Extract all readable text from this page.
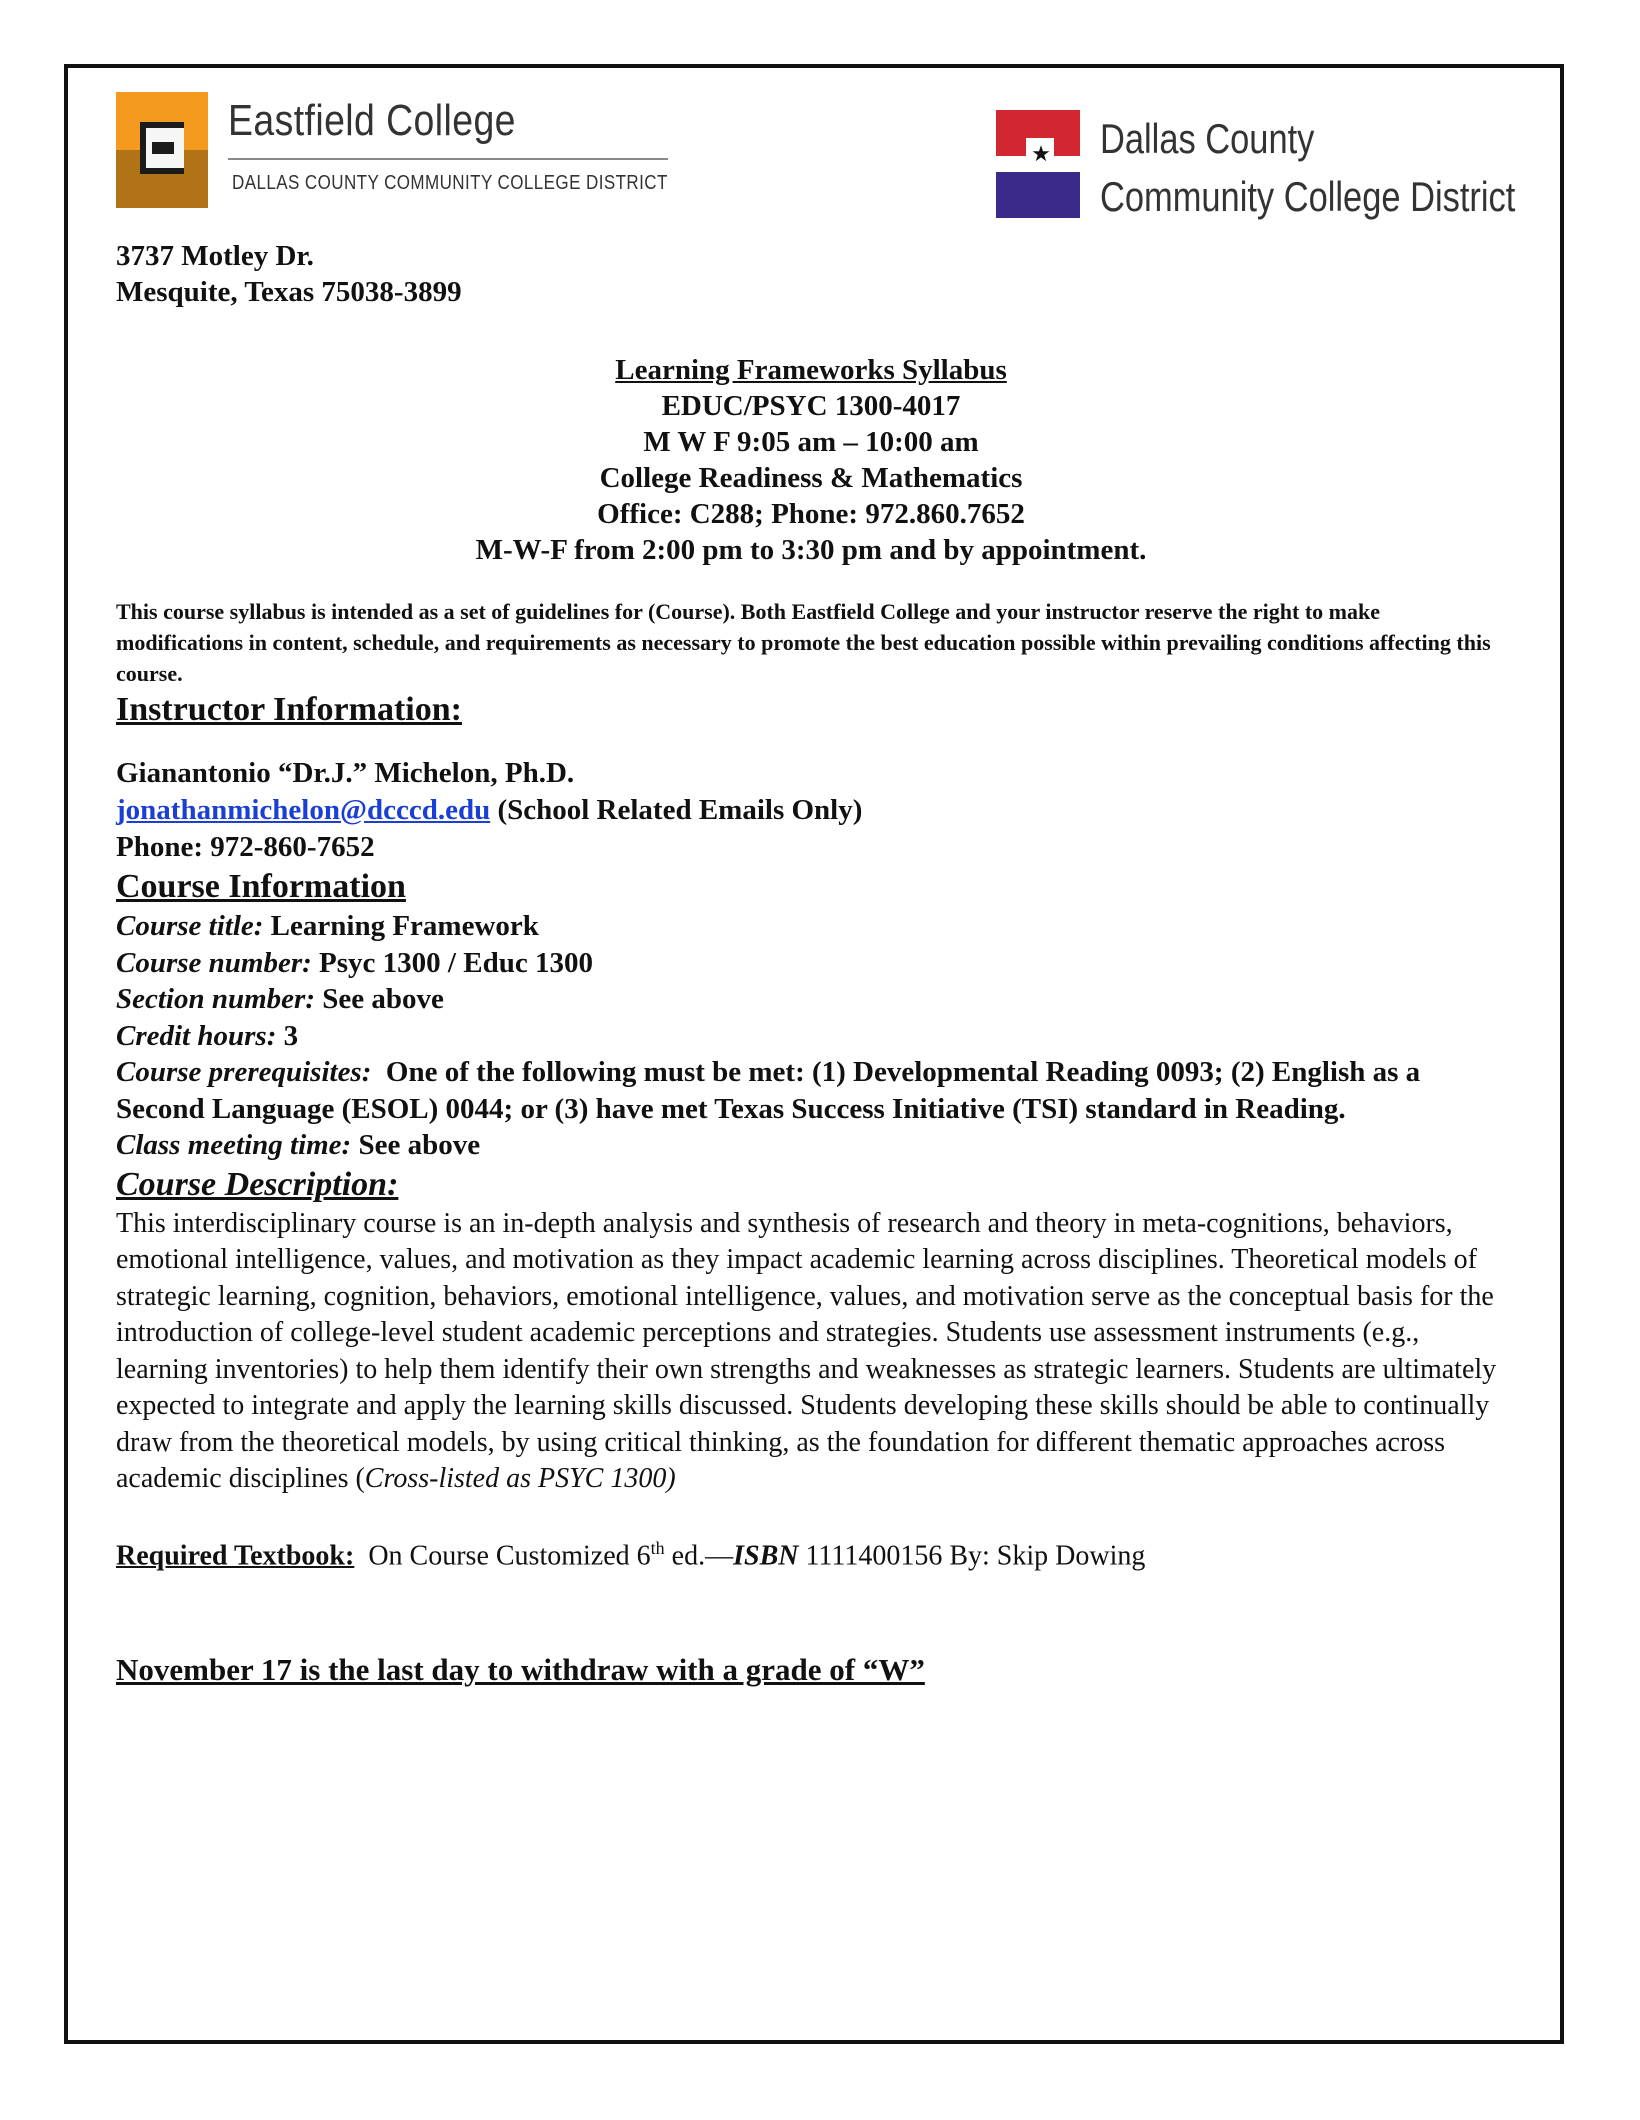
Eastfield College
DALLAS COUNTY COMMUNITY COLLEGE DISTRICT
★ Dallas County
Community College District
3737 Motley Dr.
Mesquite, Texas 75038-3899
Learning Frameworks Syllabus
EDUC/PSYC 1300-4017
M W F 9:05 am – 10:00 am
College Readiness & Mathematics
Office: C288; Phone: 972.860.7652
M-W-F from 2:00 pm to 3:30 pm and by appointment.
This course syllabus is intended as a set of guidelines for (Course). Both Eastfield College and your instructor reserve the right to make modifications in content, schedule, and requirements as necessary to promote the best education possible within prevailing conditions affecting this course.
Instructor Information:
Gianantonio “Dr.J.” Michelon, Ph.D.
jonathanmichelon@dcccd.edu (School Related Emails Only)
Phone: 972-860-7652
Course Information
Course title: Learning Framework
Course number: Psyc 1300 / Educ 1300
Section number: See above
Credit hours: 3
Course prerequisites:  One of the following must be met: (1) Developmental Reading 0093; (2) English as a Second Language (ESOL) 0044; or (3) have met Texas Success Initiative (TSI) standard in Reading.
Class meeting time: See above
Course Description:
This interdisciplinary course is an in-depth analysis and synthesis of research and theory in meta-cognitions, behaviors, emotional intelligence, values, and motivation as they impact academic learning across disciplines. Theoretical models of strategic learning, cognition, behaviors, emotional intelligence, values, and motivation serve as the conceptual basis for the introduction of college-level student academic perceptions and strategies. Students use assessment instruments (e.g., learning inventories) to help them identify their own strengths and weaknesses as strategic learners. Students are ultimately expected to integrate and apply the learning skills discussed. Students developing these skills should be able to continually draw from the theoretical models, by using critical thinking, as the foundation for different thematic approaches across academic disciplines (Cross-listed as PSYC 1300)
Required Textbook:  On Course Customized 6th ed.—ISBN 1111400156 By: Skip Dowing
November 17 is the last day to withdraw with a grade of “W”
